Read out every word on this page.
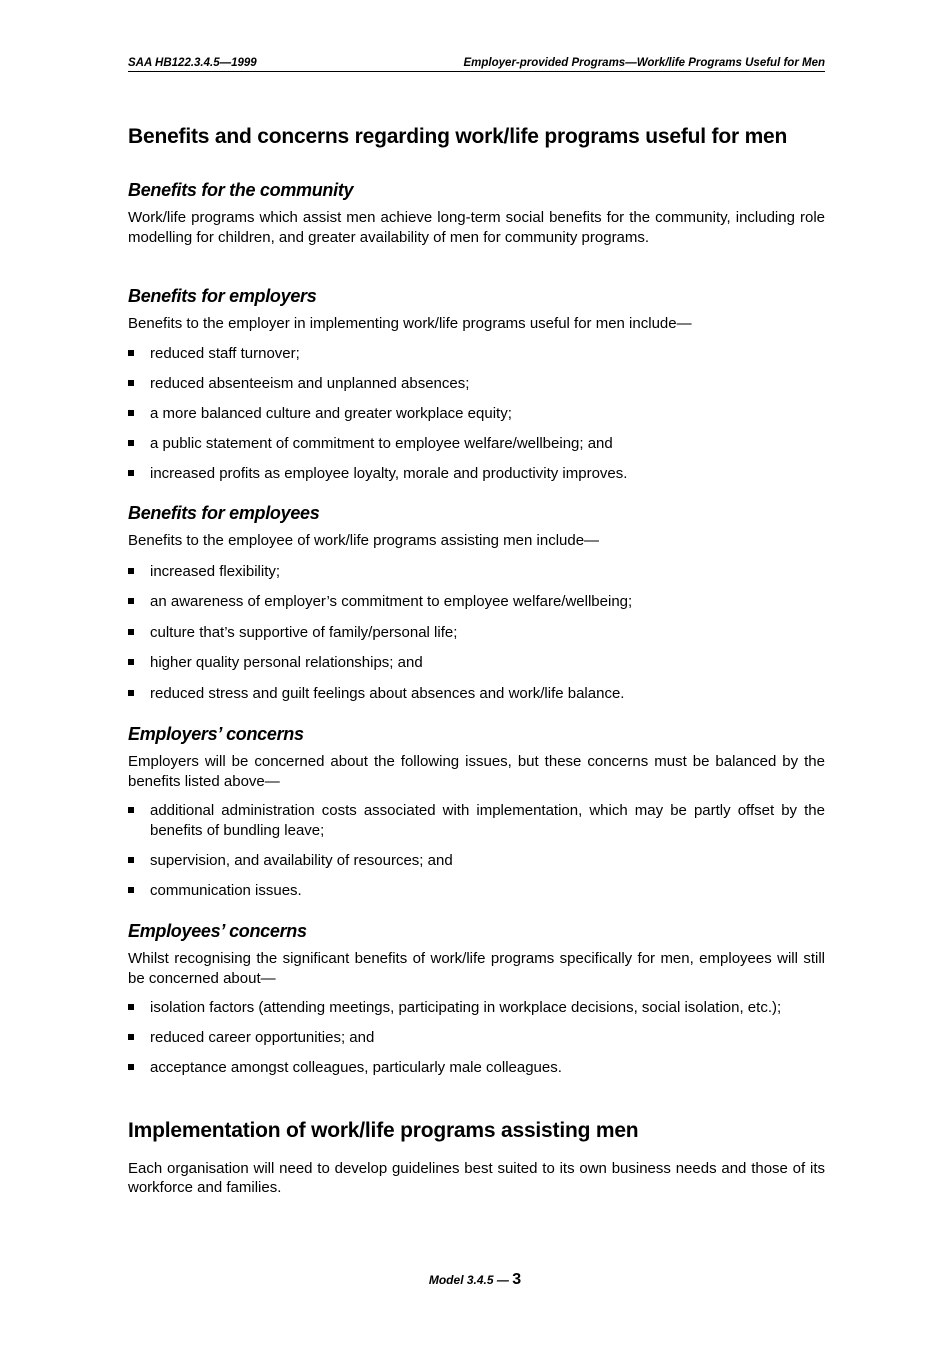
SAA HB122.3.4.5—1999	Employer-provided Programs—Work/life Programs Useful for Men
Benefits and concerns regarding work/life programs useful for men
Benefits for the community

Work/life programs which assist men achieve long-term social benefits for the community, including role modelling for children, and greater availability of men for community programs.

Benefits for employers

Benefits to the employer in implementing work/life programs useful for men include—

reduced staff turnover;
reduced absenteeism and unplanned absences;
a more balanced culture and greater workplace equity;
a public statement of commitment to employee welfare/wellbeing; and
increased profits as employee loyalty, morale and productivity improves.
Benefits for employees

Benefits to the employee of work/life programs assisting men include—

increased flexibility;
an awareness of employer’s commitment to employee welfare/wellbeing;
culture that’s supportive of family/personal life;
higher quality personal relationships; and
reduced stress and guilt feelings about absences and work/life balance.
Employers’ concerns

Employers will be concerned about the following issues, but these concerns must be balanced by the benefits listed above—

additional administration costs associated with implementation, which may be partly offset by the benefits of bundling leave;
supervision, and availability of resources; and
communication issues.
Employees’ concerns

Whilst recognising the significant benefits of work/life programs specifically for men, employees will still be concerned about—

isolation factors (attending meetings, participating in workplace decisions, social isolation, etc.);
reduced career opportunities; and
acceptance amongst colleagues, particularly male colleagues.
Implementation of work/life programs assisting men

Each organisation will need to develop guidelines best suited to its own business needs and those of its workforce and families.

Model 3.4.5 — 3
